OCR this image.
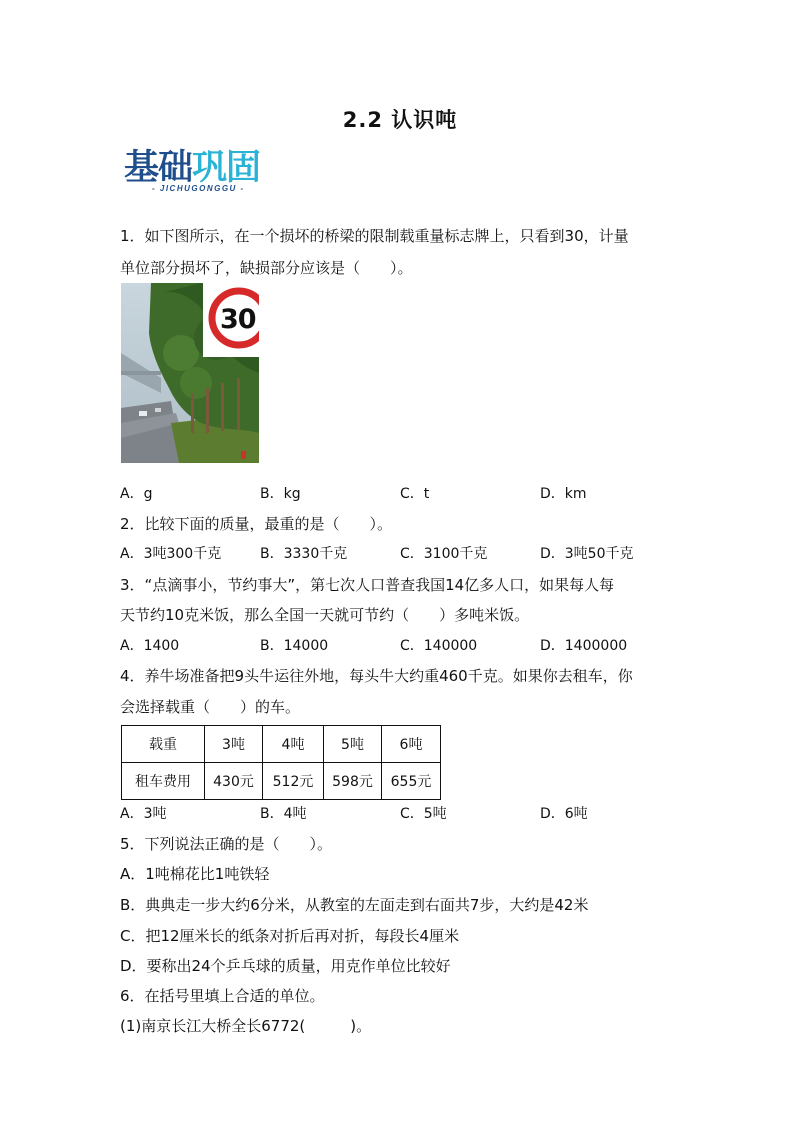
2.2 认识吨
基础巩固
- JICHUGONGGU -
1．如下图所示，在一个损坏的桥梁的限制载重量标志牌上，只看到30，计量
单位部分损坏了，缺损部分应该是（　　）。
30
A．g	B．kg	C．t	D．km
2．比较下面的质量，最重的是（　　）。
A．3吨300千克	B．3330千克	C．3100千克	D．3吨50千克
3．“点滴事小，节约事大”，第七次人口普查我国14亿多人口，如果每人每
天节约10克米饭，那么全国一天就可节约（　　）多吨米饭。
A．1400	B．14000	C．140000	D．1400000
4．养牛场准备把9头牛运往外地，每头牛大约重460千克。如果你去租车，你
会选择载重（　　）的车。
载重	3吨	4吨	5吨	6吨
租车费用	430元	512元	598元	655元
A．3吨	B．4吨	C．5吨	D．6吨
5．下列说法正确的是（　　）。
A．1吨棉花比1吨铁轻
B．典典走一步大约6分米，从教室的左面走到右面共7步，大约是42米
C．把12厘米长的纸条对折后再对折，每段长4厘米
D．要称出24个乒乓球的质量，用克作单位比较好
6．在括号里填上合适的单位。
(1)南京长江大桥全长6772(　　　)。
